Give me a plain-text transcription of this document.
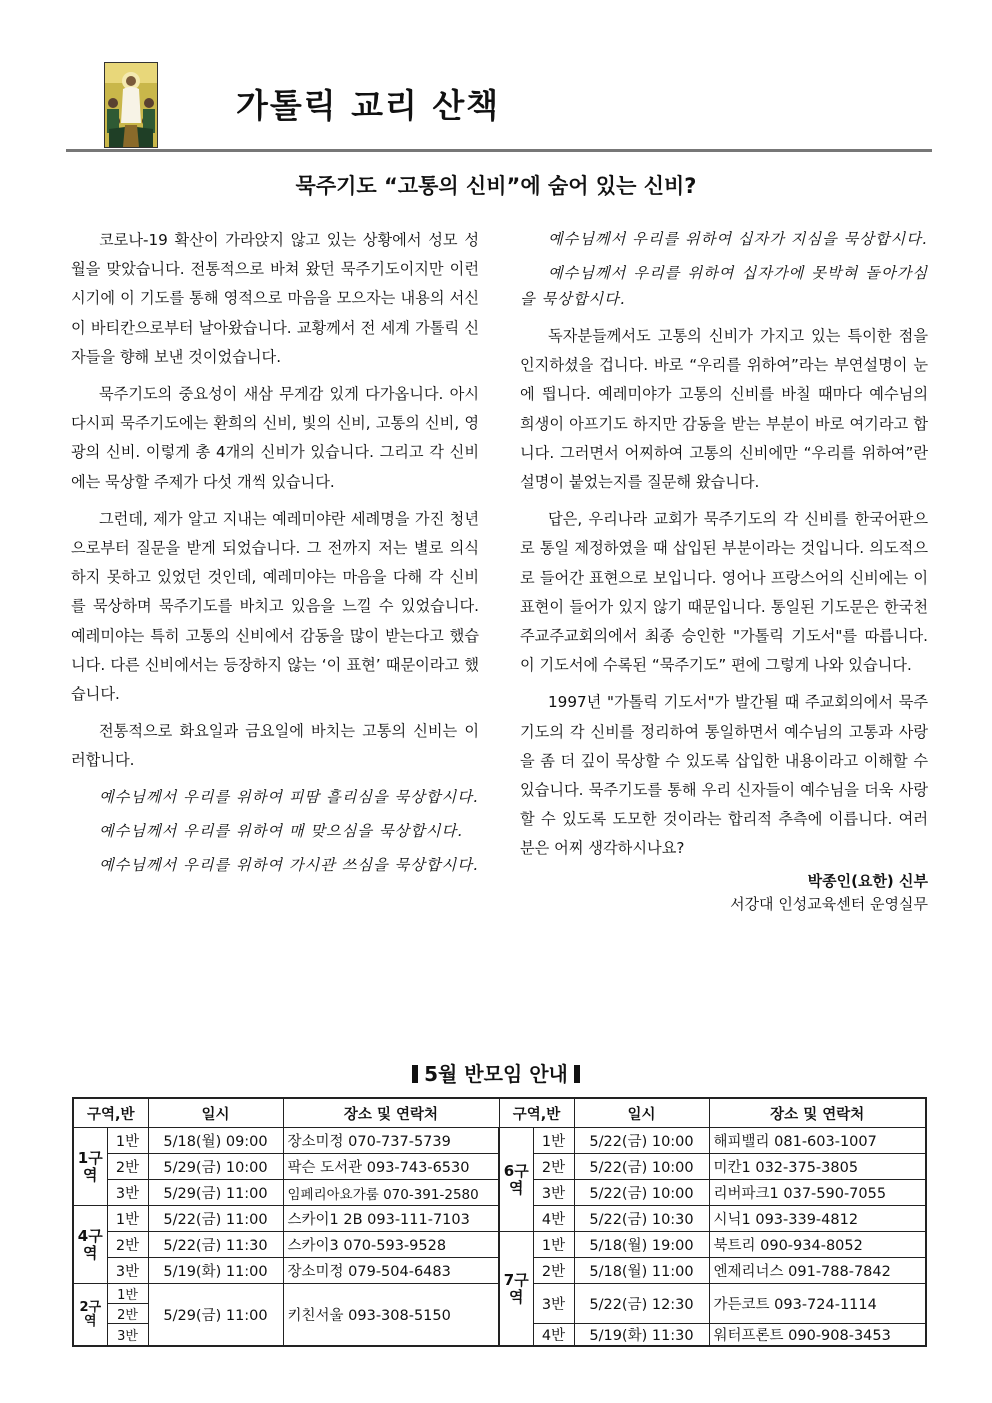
가톨릭 교리 산책
묵주기도 “고통의 신비”에 숨어 있는 신비?

코로나-19 확산이 가라앉지 않고 있는 상황에서 성모 성월을 맞았습니다. 전통적으로 바쳐 왔던 묵주기도이지만 이런 시기에 이 기도를 통해 영적으로 마음을 모으자는 내용의 서신이 바티칸으로부터 날아왔습니다. 교황께서 전 세계 가톨릭 신자들을 향해 보낸 것이었습니다.

묵주기도의 중요성이 새삼 무게감 있게 다가옵니다. 아시다시피 묵주기도에는 환희의 신비, 빛의 신비, 고통의 신비, 영광의 신비. 이렇게 총 4개의 신비가 있습니다. 그리고 각 신비에는 묵상할 주제가 다섯 개씩 있습니다.

그런데, 제가 알고 지내는 예레미야란 세례명을 가진 청년으로부터 질문을 받게 되었습니다. 그 전까지 저는 별로 의식하지 못하고 있었던 것인데, 예레미야는 마음을 다해 각 신비를 묵상하며 묵주기도를 바치고 있음을 느낄 수 있었습니다. 예레미야는 특히 고통의 신비에서 감동을 많이 받는다고 했습니다. 다른 신비에서는 등장하지 않는 ‘이 표현’ 때문이라고 했습니다.

전통적으로 화요일과 금요일에 바치는 고통의 신비는 이러합니다.

예수님께서 우리를 위하여 피땀 흘리심을 묵상합시다.

예수님께서 우리를 위하여 매 맞으심을 묵상합시다.

예수님께서 우리를 위하여 가시관 쓰심을 묵상합시다.

예수님께서 우리를 위하여 십자가 지심을 묵상합시다.

예수님께서 우리를 위하여 십자가에 못박혀 돌아가심을 묵상합시다.

독자분들께서도 고통의 신비가 가지고 있는 특이한 점을 인지하셨을 겁니다. 바로 “우리를 위하여”라는 부연설명이 눈에 띕니다. 예레미야가 고통의 신비를 바칠 때마다 예수님의 희생이 아프기도 하지만 감동을 받는 부분이 바로 여기라고 합니다. 그러면서 어찌하여 고통의 신비에만 “우리를 위하여”란 설명이 붙었는지를 질문해 왔습니다.

답은, 우리나라 교회가 묵주기도의 각 신비를 한국어판으로 통일 제정하였을 때 삽입된 부분이라는 것입니다. 의도적으로 들어간 표현으로 보입니다. 영어나 프랑스어의 신비에는 이 표현이 들어가 있지 않기 때문입니다. 통일된 기도문은 한국천주교주교회의에서 최종 승인한 "가톨릭 기도서"를 따릅니다. 이 기도서에 수록된 “묵주기도” 편에 그렇게 나와 있습니다.

1997년 "가톨릭 기도서"가 발간될 때 주교회의에서 묵주기도의 각 신비를 정리하여 통일하면서 예수님의 고통과 사랑을 좀 더 깊이 묵상할 수 있도록 삽입한 내용이라고 이해할 수 있습니다. 묵주기도를 통해 우리 신자들이 예수님을 더욱 사랑할 수 있도록 도모한 것이라는 합리적 추측에 이릅니다. 여러분은 어찌 생각하시나요?

박종인(요한) 신부
서강대 인성교육센터 운영실무
5월 반모임 안내
구역,반		일시	장소 및 연락처	구역,반		일시	장소 및 연락처
1구역	1반	5/18(월) 09:00	장소미정 070-737-5739	6구역	1반	5/22(금) 10:00	해피밸리 081-603-1007
	2반	5/29(금) 10:00	팍슨 도서관 093-743-6530		2반	5/22(금) 10:00	미칸1 032-375-3805
	3반	5/29(금) 11:00	임페리아요가룸 070-391-2580		3반	5/22(금) 10:00	리버파크1 037-590-7055
4구역	1반	5/22(금) 11:00	스카이1 2B 093-111-7103		4반	5/22(금) 10:30	시닉1 093-339-4812
	2반	5/22(금) 11:30	스카이3 070-593-9528	7구역	1반	5/18(월) 19:00	북트리 090-934-8052
	3반	5/19(화) 11:00	장소미정 079-504-6483		2반	5/18(월) 11:00	엔제리너스 091-788-7842
2구역	1반	5/29(금) 11:00	키친서울 093-308-5150		3반	5/22(금) 12:30	가든코트 093-724-1114
	2반						
	3반				4반	5/19(화) 11:30	워터프론트 090-908-3453
